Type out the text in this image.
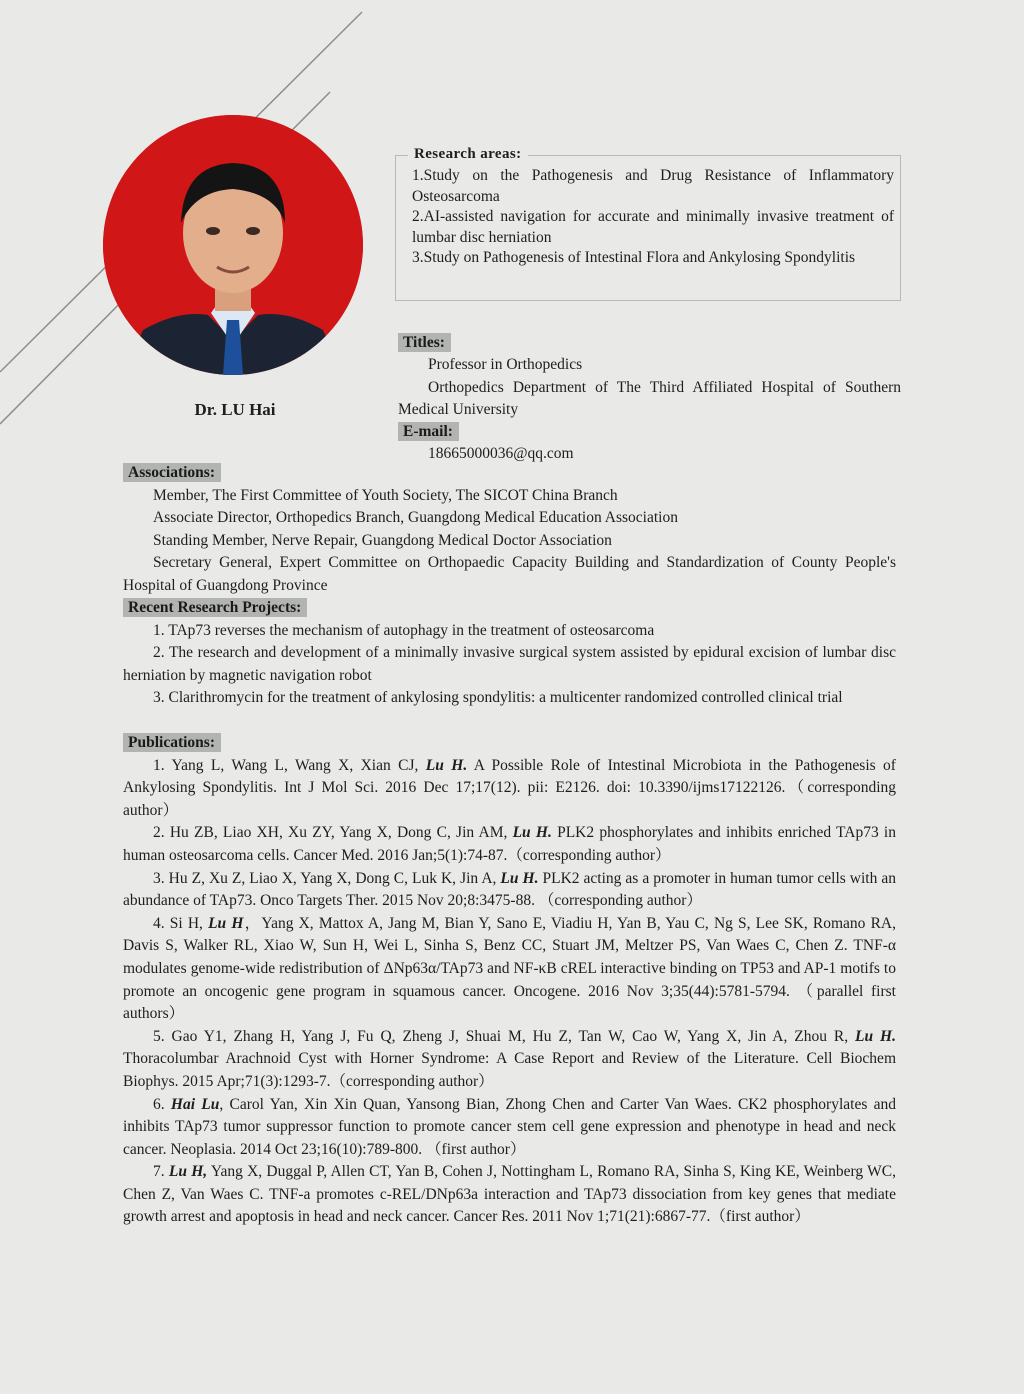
Dr. LU Hai
Research areas:

1.Study on the Pathogenesis and Drug Resistance of Inflammatory Osteosarcoma

2.AI-assisted navigation for accurate and minimally invasive treatment of lumbar disc herniation

3.Study on Pathogenesis of Intestinal Flora and Ankylosing Spondylitis

Titles:

Professor in Orthopedics

Orthopedics Department of The Third Affiliated Hospital of Southern Medical University

E-mail:

18665000036@qq.com

Associations:

Member, The First Committee of Youth Society, The SICOT China Branch

Associate Director, Orthopedics Branch, Guangdong Medical Education Association

Standing Member, Nerve Repair, Guangdong Medical Doctor Association

Secretary General, Expert Committee on Orthopaedic Capacity Building and Standardization of County People's Hospital of Guangdong Province

Recent Research Projects:

1. TAp73 reverses the mechanism of autophagy in the treatment of osteosarcoma

2. The research and development of a minimally invasive surgical system assisted by epidural excision of lumbar disc herniation by magnetic navigation robot

3. Clarithromycin for the treatment of ankylosing spondylitis: a multicenter randomized controlled clinical trial

Publications:

1. Yang L, Wang L, Wang X, Xian CJ, Lu H. A Possible Role of Intestinal Microbiota in the Pathogenesis of Ankylosing Spondylitis. Int J Mol Sci. 2016 Dec 17;17(12). pii: E2126. doi: 10.3390/ijms17122126.（corresponding author）

2. Hu ZB, Liao XH, Xu ZY, Yang X, Dong C, Jin AM, Lu H. PLK2 phosphorylates and inhibits enriched TAp73 in human osteosarcoma cells. Cancer Med. 2016 Jan;5(1):74-87.（corresponding author）

3. Hu Z, Xu Z, Liao X, Yang X, Dong C, Luk K, Jin A, Lu H. PLK2 acting as a promoter in human tumor cells with an abundance of TAp73. Onco Targets Ther. 2015 Nov 20;8:3475-88. （corresponding author）

4. Si H, Lu H，Yang X, Mattox A, Jang M, Bian Y, Sano E, Viadiu H, Yan B, Yau C, Ng S, Lee SK, Romano RA, Davis S, Walker RL, Xiao W, Sun H, Wei L, Sinha S, Benz CC, Stuart JM, Meltzer PS, Van Waes C, Chen Z. TNF-α modulates genome-wide redistribution of ΔNp63α/TAp73 and NF-κB cREL interactive binding on TP53 and AP-1 motifs to promote an oncogenic gene program in squamous cancer. Oncogene. 2016 Nov 3;35(44):5781-5794. （parallel first authors）

5. Gao Y1, Zhang H, Yang J, Fu Q, Zheng J, Shuai M, Hu Z, Tan W, Cao W, Yang X, Jin A, Zhou R, Lu H. Thoracolumbar Arachnoid Cyst with Horner Syndrome: A Case Report and Review of the Literature. Cell Biochem Biophys. 2015 Apr;71(3):1293-7.（corresponding author）

6. Hai Lu, Carol Yan, Xin Xin Quan, Yansong Bian, Zhong Chen and Carter Van Waes. CK2 phosphorylates and inhibits TAp73 tumor suppressor function to promote cancer stem cell gene expression and phenotype in head and neck cancer. Neoplasia. 2014 Oct 23;16(10):789-800. （first author）

7. Lu H, Yang X, Duggal P, Allen CT, Yan B, Cohen J, Nottingham L, Romano RA, Sinha S, King KE, Weinberg WC, Chen Z, Van Waes C. TNF-a promotes c-REL/DNp63a interaction and TAp73 dissociation from key genes that mediate growth arrest and apoptosis in head and neck cancer. Cancer Res. 2011 Nov 1;71(21):6867-77.（first author）
